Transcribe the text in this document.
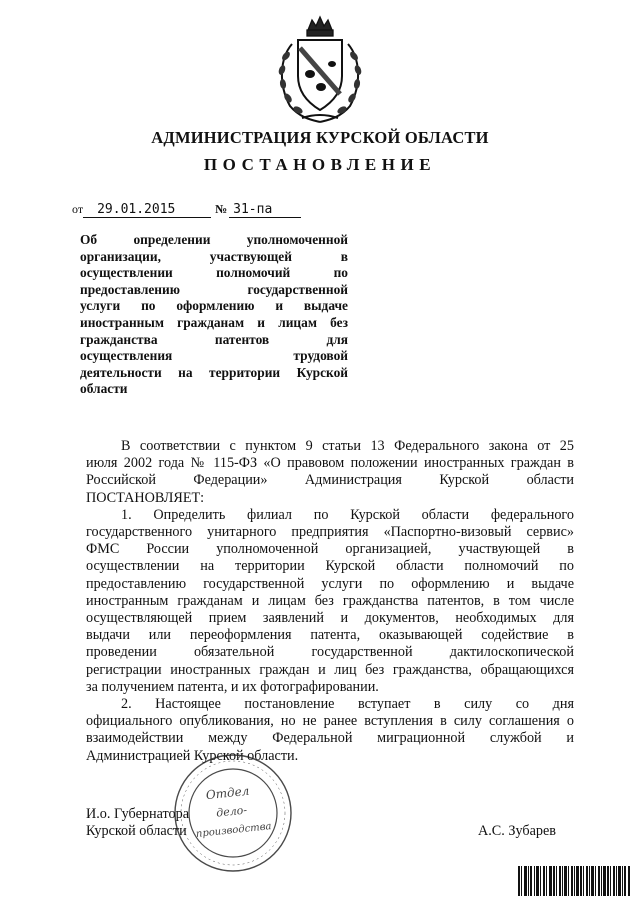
АДМИНИСТРАЦИЯ КУРСКОЙ ОБЛАСТИ
ПОСТАНОВЛЕНИЕ
от	29.01.2015	№ 31-па
Об определении уполномоченной
организации, участвующей в
осуществлении полномочий по
предоставлению государственной
услуги по оформлению и выдаче
иностранным гражданам и лицам без
гражданства патентов для
осуществления трудовой
деятельности на территории Курской
области
В соответствии с пунктом 9 статьи 13 Федерального закона от 25
июля 2002 года № 115-ФЗ «О правовом положении иностранных граждан в
Российской Федерации» Администрация Курской области
ПОСТАНОВЛЯЕТ:
1. Определить филиал по Курской области федерального
государственного унитарного предприятия «Паспортно-визовый сервис»
ФМС России уполномоченной организацией, участвующей в
осуществлении на территории Курской области полномочий по
предоставлению государственной услуги по оформлению и выдаче
иностранным гражданам и лицам без гражданства патентов, в том числе
осуществляющей прием заявлений и документов, необходимых для
выдачи или переоформления патента, оказывающей содействие в
проведении обязательной государственной дактилоскопической
регистрации иностранных граждан и лиц без гражданства, обращающихся
за получением патента, и их фотографировании.
2. Настоящее постановление вступает в силу со дня
официального опубликования, но не ранее вступления в силу соглашения о
взаимодействии между Федеральной миграционной службой и
Администрацией Курской области.
И.о. Губернатора
Курской области	А.С. Зубарев
Отдел
дело-
производства
